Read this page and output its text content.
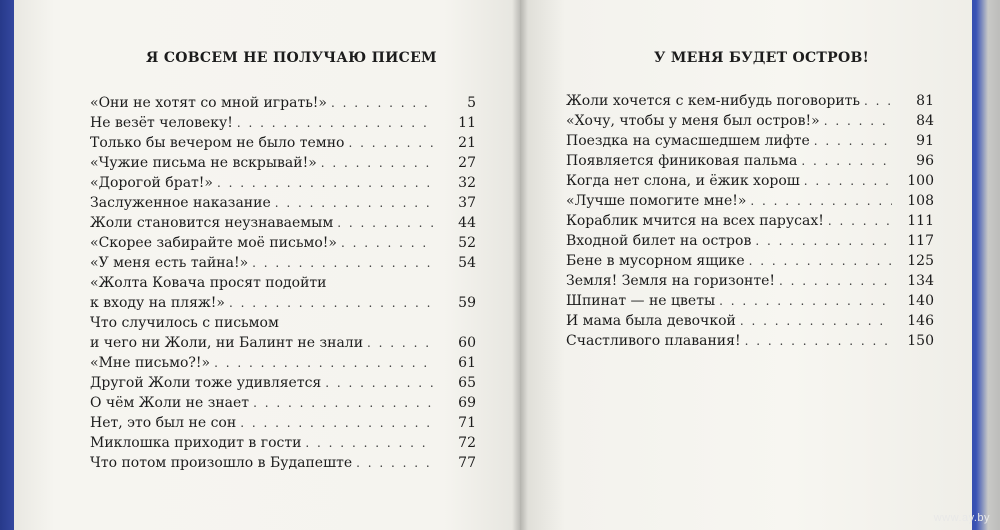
Я СОВСЕМ НЕ ПОЛУЧАЮ ПИСЕМ
«Они не хотят со мной играть!» . . .	5
Не везёт человеку! . . .	11
Только бы вечером не было темно . . .	21
«Чужие письма не вскрывай!» . . .	27
«Дорогой брат!» . . .	32
Заслуженное наказание . . .	37
Жоли становится неузнаваемым . . .	44
«Скорее забирайте моё письмо!» . . .	52
«У меня есть тайна!» . . .	54
«Жолта Ковача просят подойти
к входу на пляж!» . . .	59
Что случилось с письмом
и чего ни Жоли, ни Балинт не знали . . .	60
«Мне письмо?!» . . .	61
Другой Жоли тоже удивляется . . .	65
О чём Жоли не знает . . .	69
Нет, это был не сон . . .	71
Миклошка приходит в гости . . .	72
Что потом произошло в Будапеште . . .	77
У МЕНЯ БУДЕТ ОСТРОВ!
Жоли хочется с кем-нибудь поговорить . . .	81
«Хочу, чтобы у меня был остров!» . . .	84
Поездка на сумасшедшем лифте . . .	91
Появляется финиковая пальма . . .	96
Когда нет слона, и ёжик хорош . . .	100
«Лучше помогите мне!» . . .	108
Кораблик мчится на всех парусах! . . .	111
Входной билет на остров . . .	117
Бене в мусорном ящике . . .	125
Земля! Земля на горизонте! . . .	134
Шпинат — не цветы . . .	140
И мама была девочкой . . .	146
Счастливого плавания! . . .	150
www.ay.by
